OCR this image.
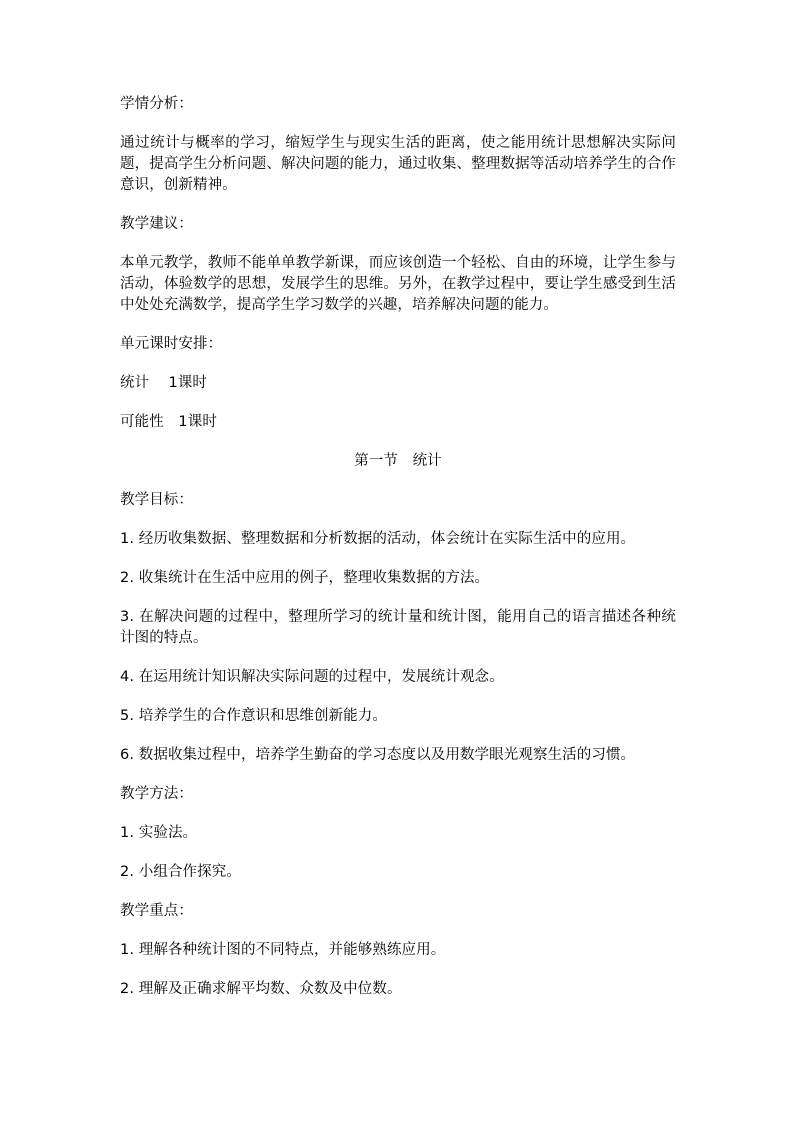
学情分析：

通过统计与概率的学习，缩短学生与现实生活的距离，使之能用统计思想解决实际问题，提高学生分析问题、解决问题的能力，通过收集、整理数据等活动培养学生的合作意识，创新精神。

教学建议：

本单元教学，教师不能单单教学新课，而应该创造一个轻松、自由的环境，让学生参与活动，体验数学的思想，发展学生的思维。另外，在教学过程中，要让学生感受到生活中处处充满数学，提高学生学习数学的兴趣，培养解决问题的能力。

单元课时安排：

统计　 1课时

可能性　1课时

第一节　统计

教学目标：

1. 经历收集数据、整理数据和分析数据的活动，体会统计在实际生活中的应用。

2. 收集统计在生活中应用的例子，整理收集数据的方法。

3. 在解决问题的过程中，整理所学习的统计量和统计图，能用自己的语言描述各种统计图的特点。

4. 在运用统计知识解决实际问题的过程中，发展统计观念。

5. 培养学生的合作意识和思维创新能力。

6. 数据收集过程中，培养学生勤奋的学习态度以及用数学眼光观察生活的习惯。

教学方法：

1. 实验法。

2. 小组合作探究。

教学重点：

1. 理解各种统计图的不同特点，并能够熟练应用。

2. 理解及正确求解平均数、众数及中位数。
